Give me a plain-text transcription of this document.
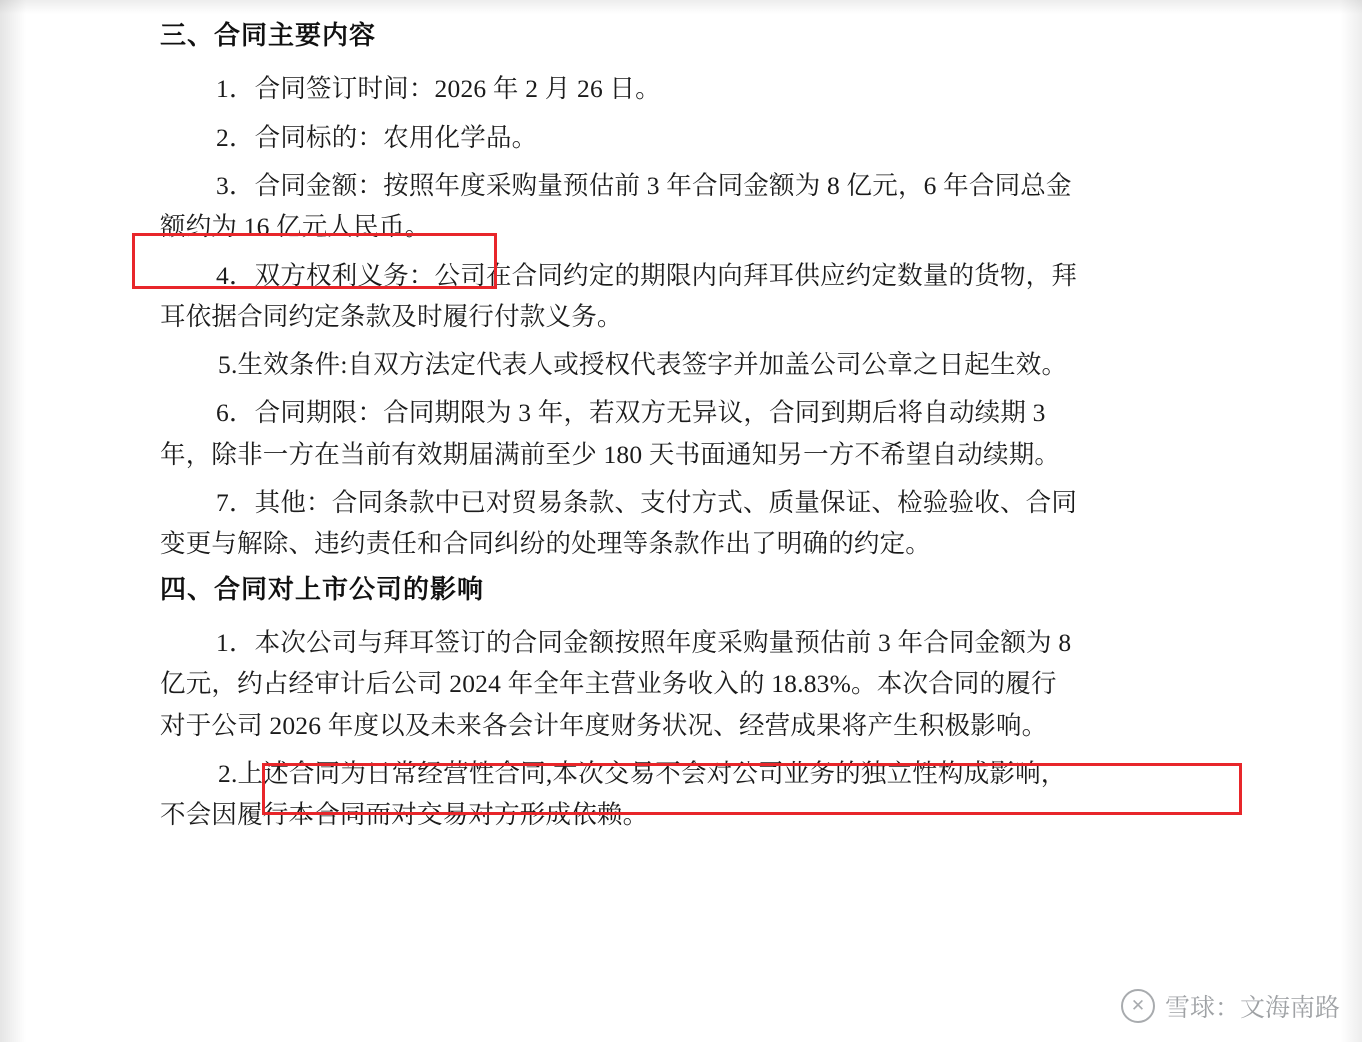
三、合同主要内容

1．合同签订时间：2026 年 2 月 26 日。

2．合同标的：农用化学品。

3．合同金额：按照年度采购量预估前 3 年合同金额为 8 亿元，6 年合同总金
额约为 16 亿元人民币。

4．双方权利义务：公司在合同约定的期限内向拜耳供应约定数量的货物，拜
耳依据合同约定条款及时履行付款义务。

5.生效条件:自双方法定代表人或授权代表签字并加盖公司公章之日起生效。

6．合同期限：合同期限为 3 年，若双方无异议，合同到期后将自动续期 3
年，除非一方在当前有效期届满前至少 180 天书面通知另一方不希望自动续期。

7．其他：合同条款中已对贸易条款、支付方式、质量保证、检验验收、合同
变更与解除、违约责任和合同纠纷的处理等条款作出了明确的约定。

四、合同对上市公司的影响

1．本次公司与拜耳签订的合同金额按照年度采购量预估前 3 年合同金额为 8
亿元，约占经审计后公司 2024 年全年主营业务收入的 18.83%。本次合同的履行
对于公司 2026 年度以及未来各会计年度财务状况、经营成果将产生积极影响。

2.上述合同为日常经营性合同,本次交易不会对公司业务的独立性构成影响，
不会因履行本合同而对交易对方形成依赖。

✕ 雪球：文海南路
